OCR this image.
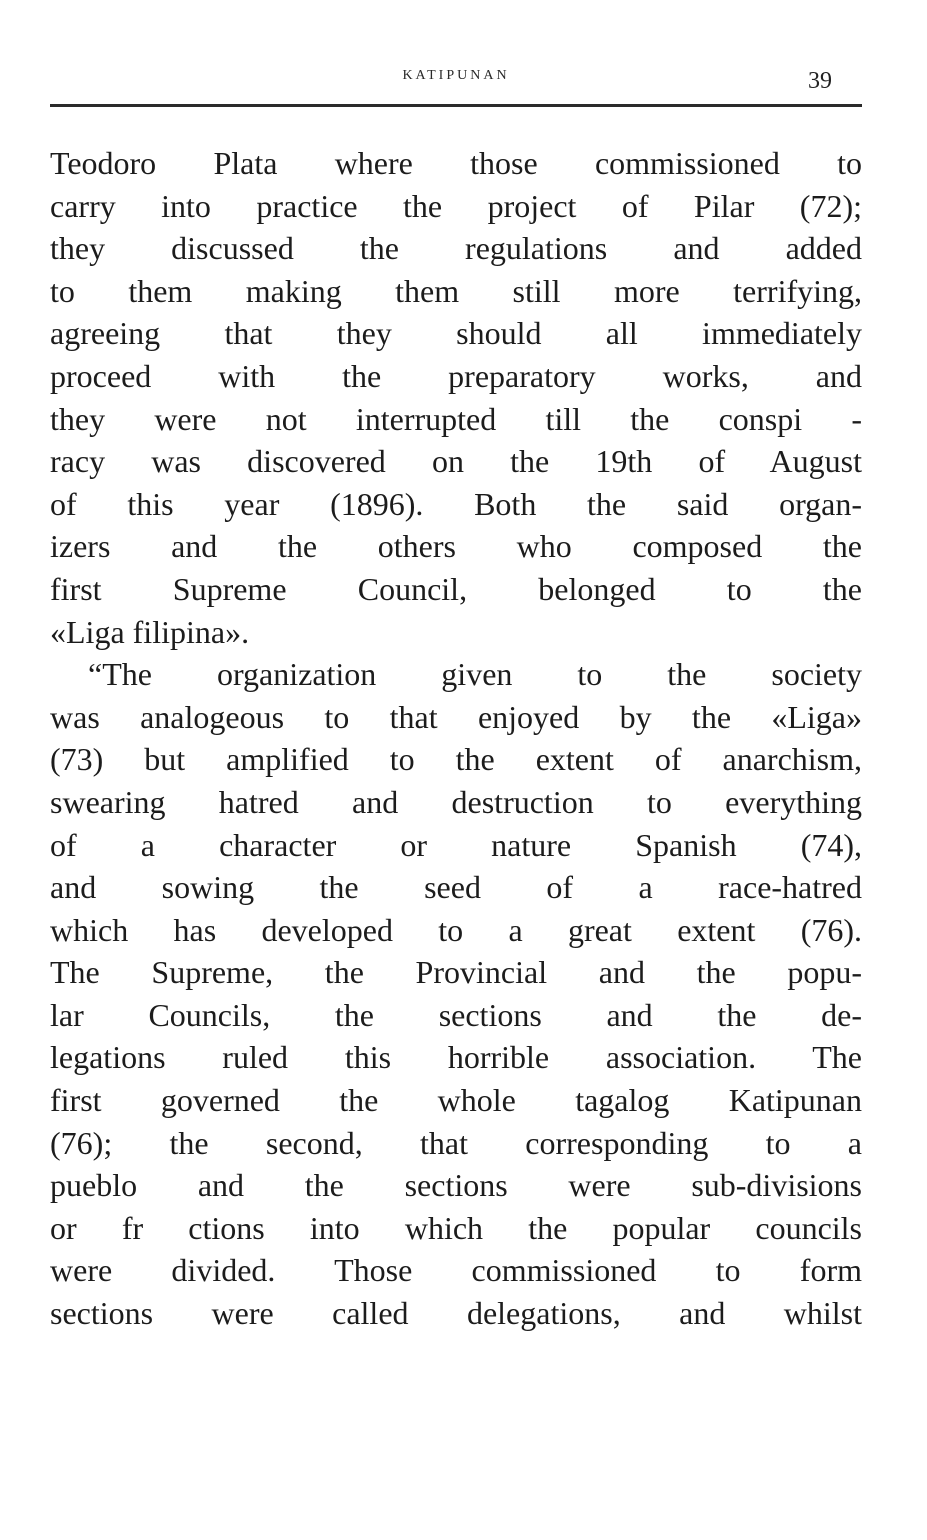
KATIPUNAN	39
Teodoro Plata where those commissioned to
carry into practice the project of Pilar (72);
they discussed the regulations and added
to them making them still more terrifying,
agreeing that they should all immediately
proceed with the preparatory works, and
they were not interrupted till the conspi -
racy was discovered on the 19th of August
of this year (1896). Both the said organ-
izers and the others who composed the
first Supreme Council, belonged to the
«Liga filipina».
“The organization given to the society
was analogeous to that enjoyed by the «Liga»
(73) but amplified to the extent of anarchism,
swearing hatred and destruction to everything
of a character or nature Spanish (74),
and sowing the seed of a race-hatred
which has developed to a great extent (76).
The Supreme, the Provincial and the popu-
lar Councils, the sections and the de-
legations ruled this horrible association. The
first governed the whole tagalog Katipunan
(76); the second, that corresponding to a
pueblo and the sections were sub-divisions
or fr ctions into which the popular councils
were divided. Those commissioned to form
sections were called delegations, and whilst
